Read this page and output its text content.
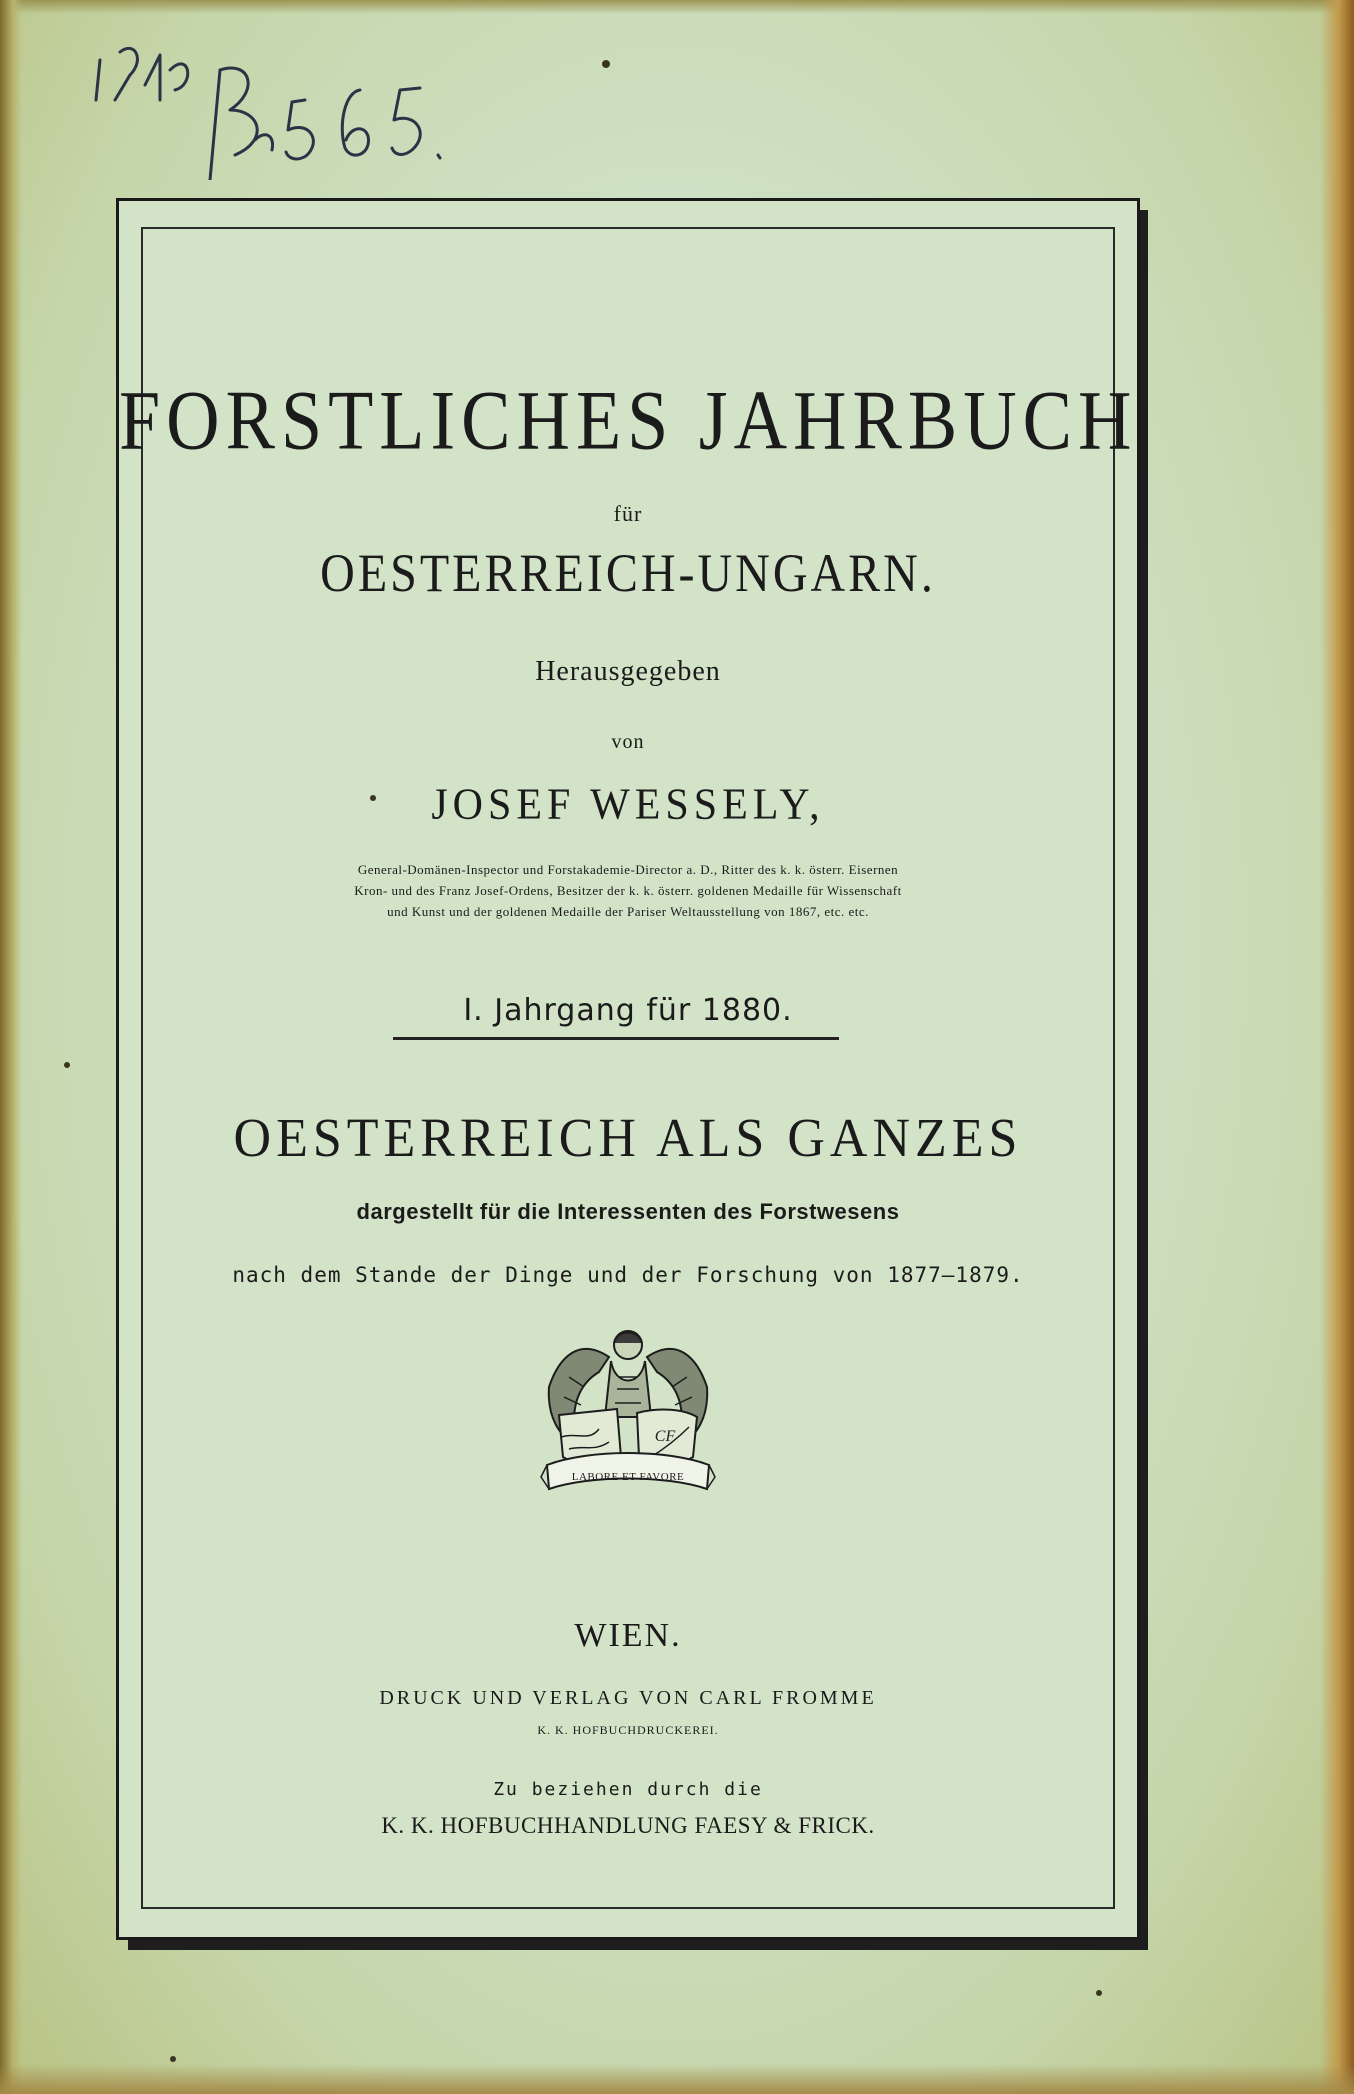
FORSTLICHES JAHRBUCH
für
OESTERREICH-UNGARN.
Herausgegeben
von
JOSEF WESSELY,
General-Domänen-Inspector und Forstakademie-Director a. D., Ritter des k. k. österr. Eisernen
Kron- und des Franz Josef-Ordens, Besitzer der k. k. österr. goldenen Medaille für Wissenschaft
und Kunst und der goldenen Medaille der Pariser Weltausstellung von 1867, etc. etc.
I. Jahrgang für 1880.
OESTERREICH ALS GANZES
dargestellt für die Interessenten des Forstwesens
nach dem Stande der Dinge und der Forschung von 1877–1879.
LABORE ET FAVORE
CF
WIEN.
DRUCK UND VERLAG VON CARL FROMME
K. K. HOFBUCHDRUCKEREI.
Zu beziehen durch die
K. K. HOFBUCHHANDLUNG FAESY & FRICK.
